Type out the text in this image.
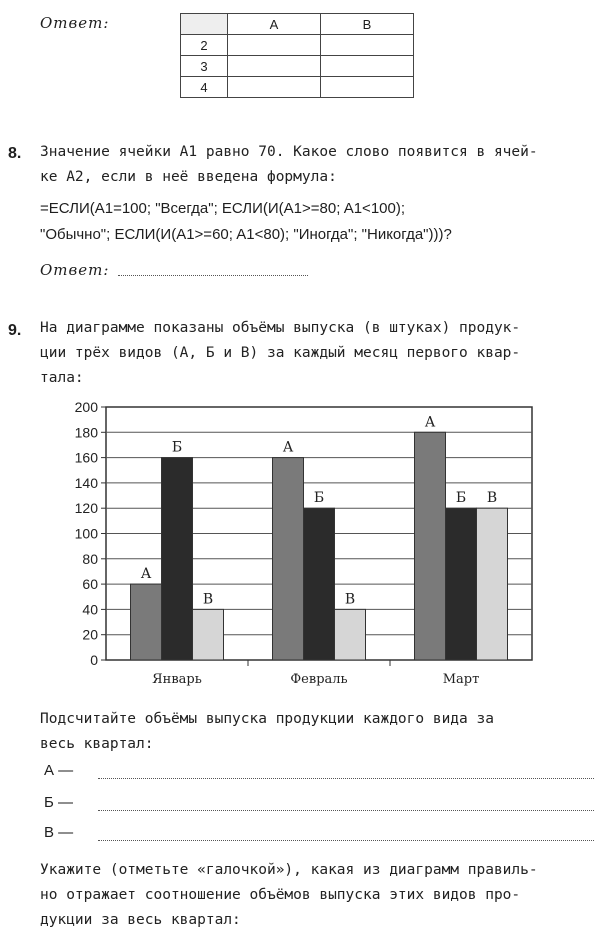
Ответ:
		A	B
2		
3		
4		
8. Значение ячейки A1 равно 70. Какое слово появится в ячей-
ке A2, если в неё введена формула:
=ЕСЛИ(A1=100; "Всегда"; ЕСЛИ(И(A1>=80; A1<100);
"Обычно"; ЕСЛИ(И(A1>=60; A1<80); "Иногда"; "Никогда")))?
Ответ:
9. На диаграмме показаны объёмы выпуска (в штуках) продук-
ции трёх видов (А, Б и В) за каждый месяц первого квар-
тала:
0
20
40
60
80
100
120
140
160
180
200
А
Б
В
Январь
А
Б
В
Февраль
А
Б В
Март
Подсчитайте объёмы выпуска продукции каждого вида за
весь квартал:
А —
Б —
В —
Укажите (отметьте «галочкой»), какая из диаграмм правиль-
но отражает соотношение объёмов выпуска этих видов про-
дукции за весь квартал:
